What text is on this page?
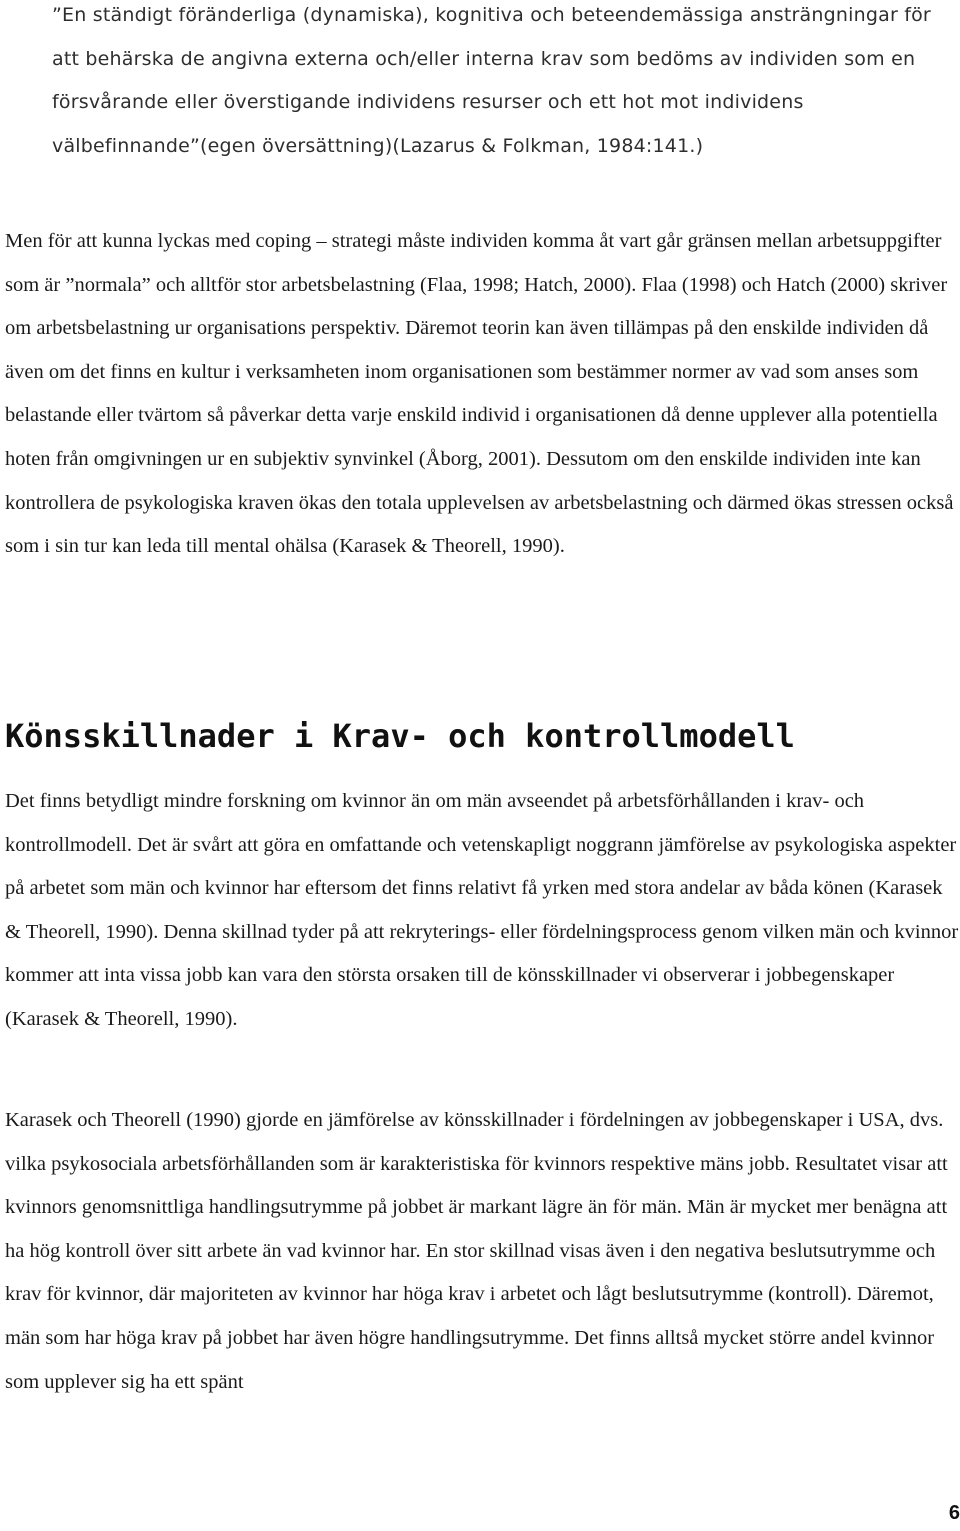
”En ständigt föränderliga (dynamiska), kognitiva och beteendemässiga ansträngningar för att behärska de angivna externa och/eller interna krav som bedöms av individen som en försvårande eller överstigande individens resurser och ett hot mot individens välbefinnande”(egen översättning)(Lazarus & Folkman, 1984:141.)

Men för att kunna lyckas med coping – strategi måste individen komma åt vart går gränsen mellan arbetsuppgifter som är ”normala” och alltför stor arbetsbelastning (Flaa, 1998; Hatch, 2000). Flaa (1998) och Hatch (2000) skriver om arbetsbelastning ur organisations perspektiv. Däremot teorin kan även tillämpas på den enskilde individen då även om det finns en kultur i verksamheten inom organisationen som bestämmer normer av vad som anses som belastande eller tvärtom så påverkar detta varje enskild individ i organisationen då denne upplever alla potentiella hoten från omgivningen ur en subjektiv synvinkel (Åborg, 2001). Dessutom om den enskilde individen inte kan kontrollera de psykologiska kraven ökas den totala upplevelsen av arbetsbelastning och därmed ökas stressen också som i sin tur kan leda till mental ohälsa (Karasek & Theorell, 1990).

Könsskillnader i Krav- och kontrollmodell

Det finns betydligt mindre forskning om kvinnor än om män avseendet på arbetsförhållanden i krav- och kontrollmodell. Det är svårt att göra en omfattande och vetenskapligt noggrann jämförelse av psykologiska aspekter på arbetet som män och kvinnor har eftersom det finns relativt få yrken med stora andelar av båda könen (Karasek & Theorell, 1990). Denna skillnad tyder på att rekryterings- eller fördelningsprocess genom vilken män och kvinnor kommer att inta vissa jobb kan vara den största orsaken till de könsskillnader vi observerar i jobbegenskaper (Karasek & Theorell, 1990).

Karasek och Theorell (1990) gjorde en jämförelse av könsskillnader i fördelningen av jobbegenskaper i USA, dvs. vilka psykosociala arbetsförhållanden som är karakteristiska för kvinnors respektive mäns jobb. Resultatet visar att kvinnors genomsnittliga handlingsutrymme på jobbet är markant lägre än för män. Män är mycket mer benägna att ha hög kontroll över sitt arbete än vad kvinnor har. En stor skillnad visas även i den negativa beslutsutrymme och krav för kvinnor, där majoriteten av kvinnor har höga krav i arbetet och lågt beslutsutrymme (kontroll). Däremot, män som har höga krav på jobbet har även högre handlingsutrymme. Det finns alltså mycket större andel kvinnor som upplever sig ha ett spänt

6
